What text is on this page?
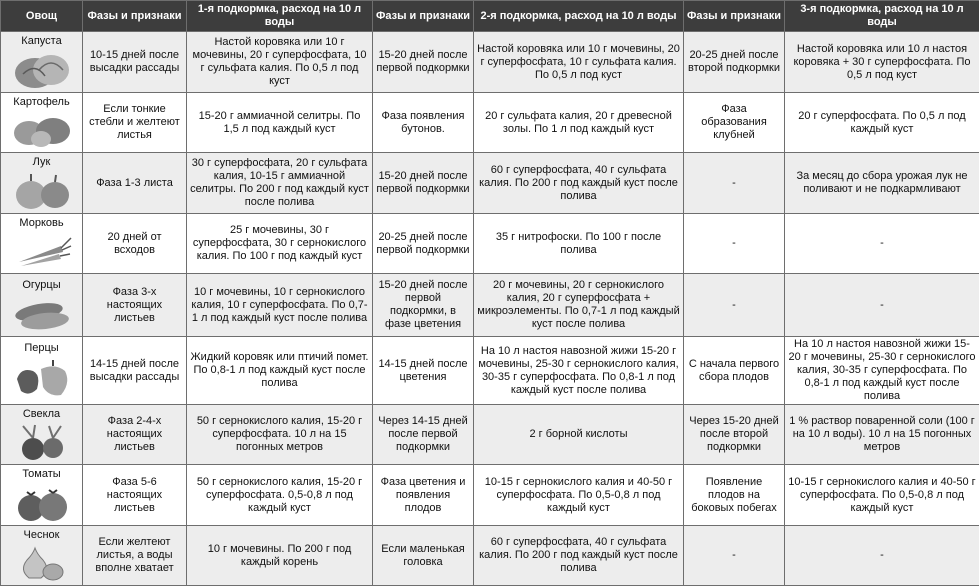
Овощ	Фазы и признаки	1-я подкормка, расход на 10 л воды	Фазы и признаки	2-я подкормка, расход на 10 л воды	Фазы и признаки	3-я подкормка, расход на 10 л воды

Капуста	10-15 дней после высадки рассады	Настой коровяка или 10 г мочевины, 20 г суперфосфата, 10 г сульфата калия. По 0,5 л под куст	15-20 дней после первой подкормки	Настой коровяка или 10 г мочевины, 20 г суперфосфата, 10 г сульфата калия. По 0,5 л под куст	20-25 дней после второй подкормки	Настой коровяка или 10 л настоя коровяка + 30 г суперфосфата. По 0,5 л под куст

Картофель	Если тонкие стебли и желтеют листья	15-20 г аммиачной селитры. По 1,5 л под каждый куст	Фаза появления бутонов.	20 г сульфата калия, 20 г древесной золы. По 1 л под каждый куст	Фаза образования клубней	20 г суперфосфата. По 0,5 л под каждый куст

Лук	Фаза 1-3 листа	30 г суперфосфата, 20 г сульфата калия, 10-15 г аммиачной селитры. По 200 г под каждый куст после полива	15-20 дней после первой подкормки	60 г суперфосфата, 40 г сульфата калия. По 200 г под каждый куст после полива	-	За месяц до сбора урожая лук не поливают и не подкармливают

Морковь	20 дней от всходов	25 г мочевины, 30 г суперфосфата, 30 г сернокислого калия. По 100 г под каждый куст	20-25 дней после первой подкормки	35 г нитрофоски. По 100 г после полива	-	-

Огурцы	Фаза 3-х настоящих листьев	10 г мочевины, 10 г сернокислого калия, 10 г суперфосфата. По 0,7-1 л под каждый куст после полива	15-20 дней после первой подкормки, в фазе цветения	20 г мочевины, 20 г сернокислого калия, 20 г суперфосфата + микроэлементы. По 0,7-1 л под каждый куст после полива	-	-

Перцы	14-15 дней после высадки рассады	Жидкий коровяк или птичий помет. По 0,8-1 л под каждый куст после полива	14-15 дней после цветения	На 10 л настоя навозной жижи 15-20 г мочевины, 25-30 г сернокислого калия, 30-35 г суперфосфата. По 0,8-1 л под каждый куст после полива	С начала первого сбора плодов	На 10 л настоя навозной жижи 15-20 г мочевины, 25-30 г сернокислого калия, 30-35 г суперфосфата. По 0,8-1 л под каждый куст после полива

Свекла	Фаза 2-4-х настоящих листьев	50 г сернокислого калия, 15-20 г суперфосфата. 10 л на 15 погонных метров	Через 14-15 дней после первой подкормки	2 г борной кислоты	Через 15-20 дней после второй подкормки	1 % раствор поваренной соли (100 г на 10 л воды). 10 л на 15 погонных метров

Томаты	Фаза 5-6 настоящих листьев	50 г сернокислого калия, 15-20 г суперфосфата. 0,5-0,8 л под каждый куст	Фаза цветения и появления плодов	10-15 г сернокислого калия и 40-50 г суперфосфата. По 0,5-0,8 л под каждый куст	Появление плодов на боковых побегах	10-15 г сернокислого калия и 40-50 г суперфосфата. По 0,5-0,8 л под каждый куст

Чеснок	Если желтеют листья, а воды вполне хватает	10 г мочевины. По 200 г под каждый корень	Если маленькая головка	60 г суперфосфата, 40 г сульфата калия. По 200 г под каждый куст после полива	-	-
